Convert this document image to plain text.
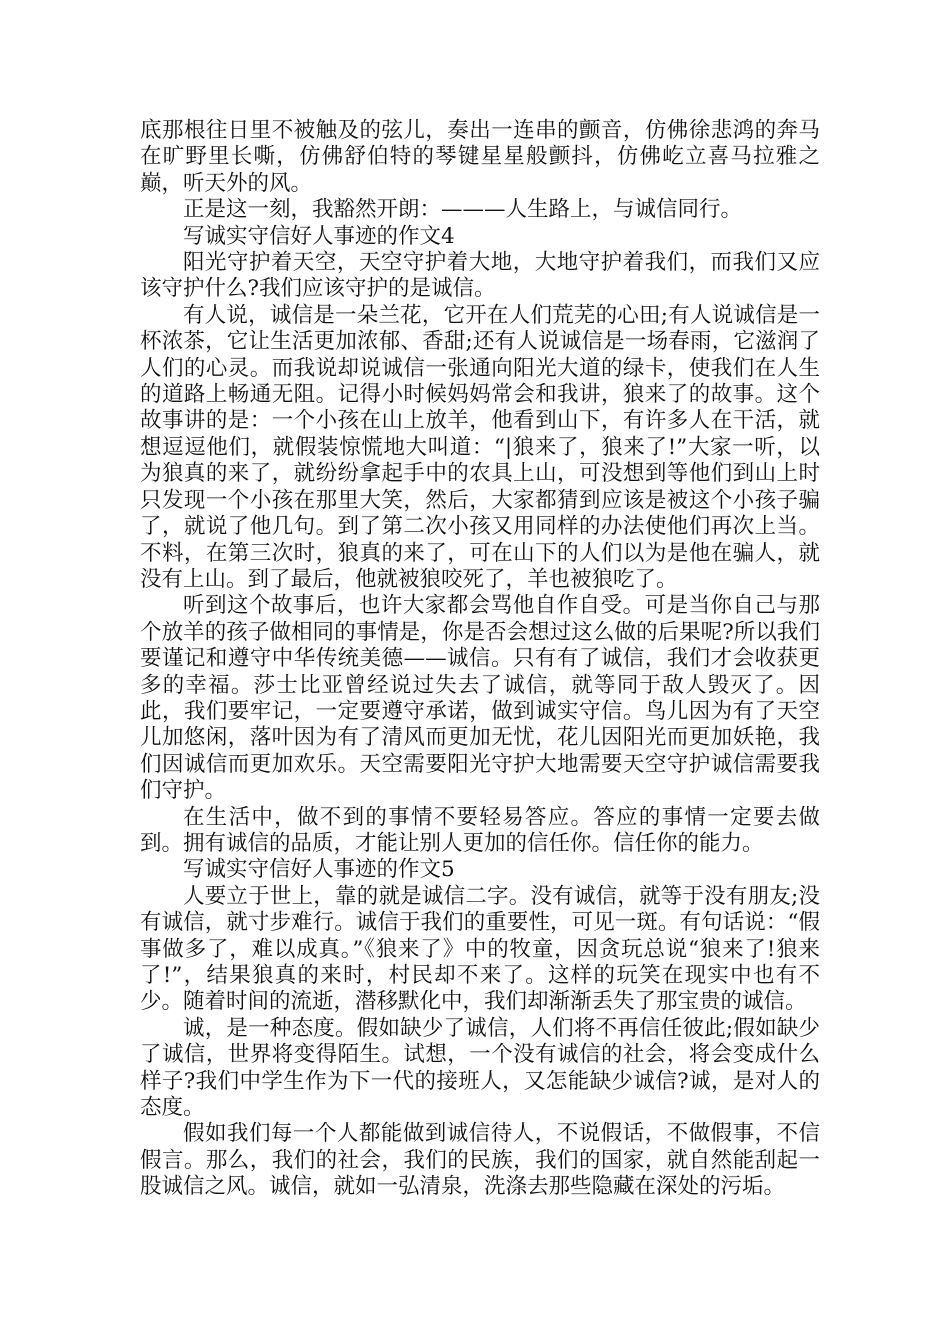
底那根往日里不被触及的弦儿，奏出一连串的颤音，仿佛徐悲鸿的奔马在旷野里长嘶，仿佛舒伯特的琴键星星般颤抖，仿佛屹立喜马拉雅之巅，听天外的风。

正是这一刻，我豁然开朗：———人生路上，与诚信同行。

写诚实守信好人事迹的作文4

阳光守护着天空，天空守护着大地，大地守护着我们，而我们又应该守护什么?我们应该守护的是诚信。

有人说，诚信是一朵兰花，它开在人们荒芜的心田;有人说诚信是一杯浓茶，它让生活更加浓郁、香甜;还有人说诚信是一场春雨，它滋润了人们的心灵。而我说却说诚信一张通向阳光大道的绿卡，使我们在人生的道路上畅通无阻。记得小时候妈妈常会和我讲，狼来了的故事。这个故事讲的是：一个小孩在山上放羊，他看到山下，有许多人在干活，就想逗逗他们，就假装惊慌地大叫道：“|狼来了，狼来了!”大家一听，以为狼真的来了，就纷纷拿起手中的农具上山，可没想到等他们到山上时只发现一个小孩在那里大笑，然后，大家都猜到应该是被这个小孩子骗了，就说了他几句。到了第二次小孩又用同样的办法使他们再次上当。不料，在第三次时，狼真的来了，可在山下的人们以为是他在骗人，就没有上山。到了最后，他就被狼咬死了，羊也被狼吃了。

听到这个故事后，也许大家都会骂他自作自受。可是当你自己与那个放羊的孩子做相同的事情是，你是否会想过这么做的后果呢?所以我们要谨记和遵守中华传统美德——诚信。只有有了诚信，我们才会收获更多的幸福。莎士比亚曾经说过失去了诚信，就等同于敌人毁灭了。因此，我们要牢记，一定要遵守承诺，做到诚实守信。鸟儿因为有了天空儿加悠闲，落叶因为有了清风而更加无忧，花儿因阳光而更加妖艳，我们因诚信而更加欢乐。天空需要阳光守护大地需要天空守护诚信需要我们守护。

在生活中，做不到的事情不要轻易答应。答应的事情一定要去做到。拥有诚信的品质，才能让别人更加的信任你。信任你的能力。

写诚实守信好人事迹的作文5

人要立于世上，靠的就是诚信二字。没有诚信，就等于没有朋友;没有诚信，就寸步难行。诚信于我们的重要性，可见一斑。有句话说：“假事做多了，难以成真。”《狼来了》中的牧童，因贪玩总说“狼来了!狼来了!”，结果狼真的来时，村民却不来了。这样的玩笑在现实中也有不少。随着时间的流逝，潜移默化中，我们却渐渐丢失了那宝贵的诚信。

诚，是一种态度。假如缺少了诚信，人们将不再信任彼此;假如缺少了诚信，世界将变得陌生。试想，一个没有诚信的社会，将会变成什么样子?我们中学生作为下一代的接班人，又怎能缺少诚信?诚，是对人的态度。

假如我们每一个人都能做到诚信待人，不说假话，不做假事，不信假言。那么，我们的社会，我们的民族，我们的国家，就自然能刮起一股诚信之风。诚信，就如一弘清泉，洗涤去那些隐藏在深处的污垢。
